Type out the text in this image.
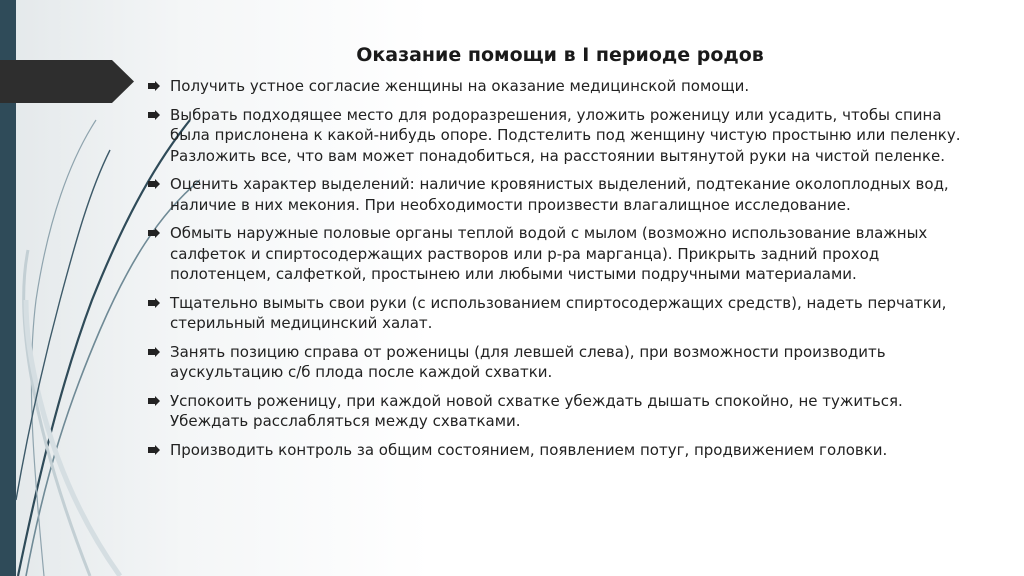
Оказание помощи в I периоде родов
Получить устное согласие женщины на оказание медицинской помощи.
Выбрать подходящее место для родоразрешения, уложить роженицу или усадить, чтобы спина была прислонена к какой-нибудь опоре. Подстелить под женщину чистую простыню или пеленку. Разложить все, что вам может понадобиться, на расстоянии вытянутой руки на чистой пеленке.
Оценить характер выделений: наличие кровянистых выделений, подтекание околоплодных вод, наличие в них мекония. При необходимости произвести влагалищное исследование.
Обмыть наружные половые органы теплой водой с мылом (возможно использование влажных салфеток и спиртосодержащих растворов или р-ра марганца). Прикрыть задний проход полотенцем, салфеткой, простынею или любыми чистыми подручными материалами.
Тщательно вымыть свои руки (с использованием спиртосодержащих средств), надеть перчатки, стерильный медицинский халат.
Занять позицию справа от роженицы (для левшей слева), при возможности производить аускультацию с/б плода после каждой схватки.
Успокоить роженицу, при каждой новой схватке убеждать дышать спокойно, не тужиться. Убеждать расслабляться между схватками.
Производить контроль за общим состоянием, появлением потуг, продвижением головки.
